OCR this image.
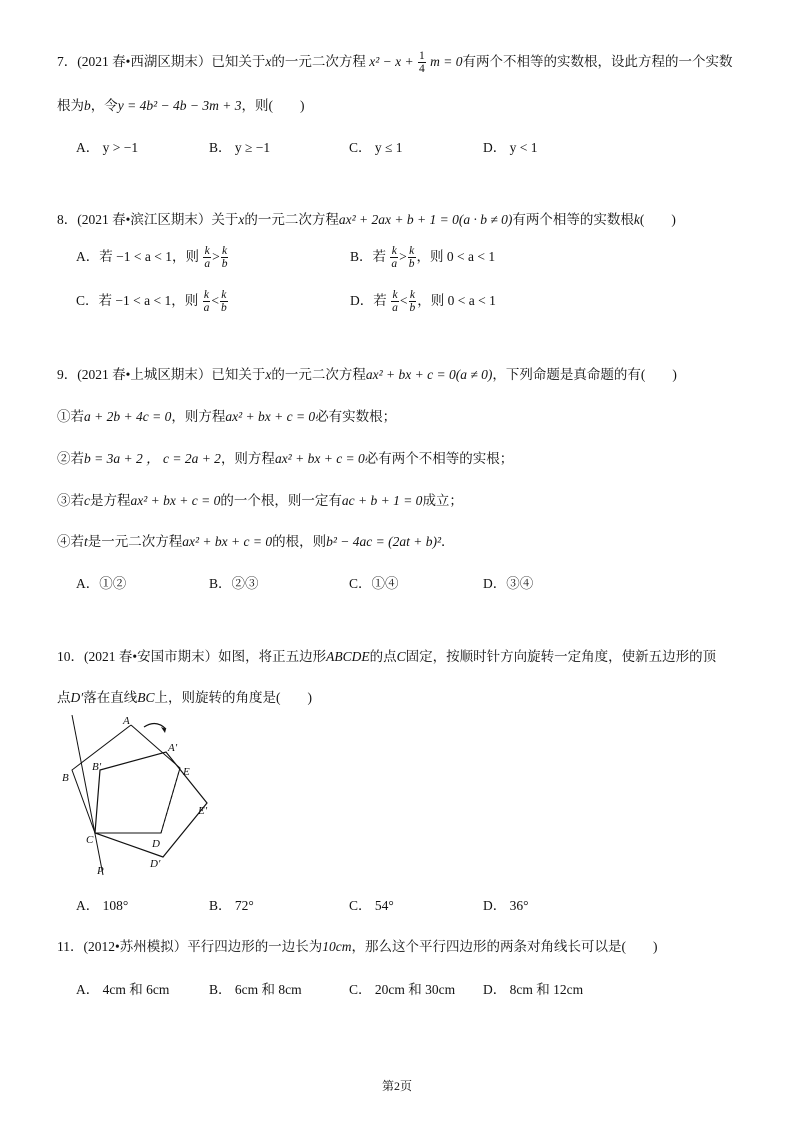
7．(2021 春•西湖区期末）已知关于x的一元二次方程 $x^2 - x + \frac{1}{4}$ m = 0有两个不相等的实数根，设此方程的一个实数
根为b，令y = 4b² − 4b − 3m + 3，则(　　)
A． y > −1	B． y ≥ −1	C． y ≤ 1	D． y < 1
8．(2021 春•滨江区期末）关于x的一元二次方程ax² + 2ax + b + 1 = 0(a · b ≠ 0)有两个相等的实数根k(　　)
A．若 −1 < a < 1，则 $\frac{k}{a} > \frac{k}{b}$	B．若 $\frac{k}{a} > \frac{k}{b}$ ，则 0 < a < 1
C．若 −1 < a < 1，则 $\frac{k}{a} < \frac{k}{b}$	D．若 $\frac{k}{a} < \frac{k}{b}$ ，则 0 < a < 1
9．(2021 春•上城区期末）已知关于x的一元二次方程ax² + bx + c = 0(a ≠ 0)，下列命题是真命题的有(　　)
①若a + 2b + 4c = 0，则方程ax² + bx + c = 0必有实数根；
②若b = 3a + 2 ， c = 2a + 2，则方程ax² + bx + c = 0必有两个不相等的实根；
③若c是方程ax² + bx + c = 0的一个根，则一定有ac + b + 1 = 0成立；
④若t是一元二次方程ax² + bx + c = 0的根，则b² − 4ac = (2at + b)²．
A．①②	B．②③	C．①④	D．③④
10．(2021 春•安国市期末）如图，将正五边形ABCDE的点C固定，按顺时针方向旋转一定角度，使新五边形的顶
点D′落在直线BC上，则旋转的角度是(　　)
A
A′
B
B′	E
E′
C	D
D′
P
A． 108°	B． 72°	C． 54°	D． 36°
11．(2012•苏州模拟）平行四边形的一边长为10cm，那么这个平行四边形的两条对角线长可以是(　　)
A． 4cm 和 6cm	B． 6cm 和 8cm	C． 20cm 和 30cm D． 8cm 和 12cm
第2页
